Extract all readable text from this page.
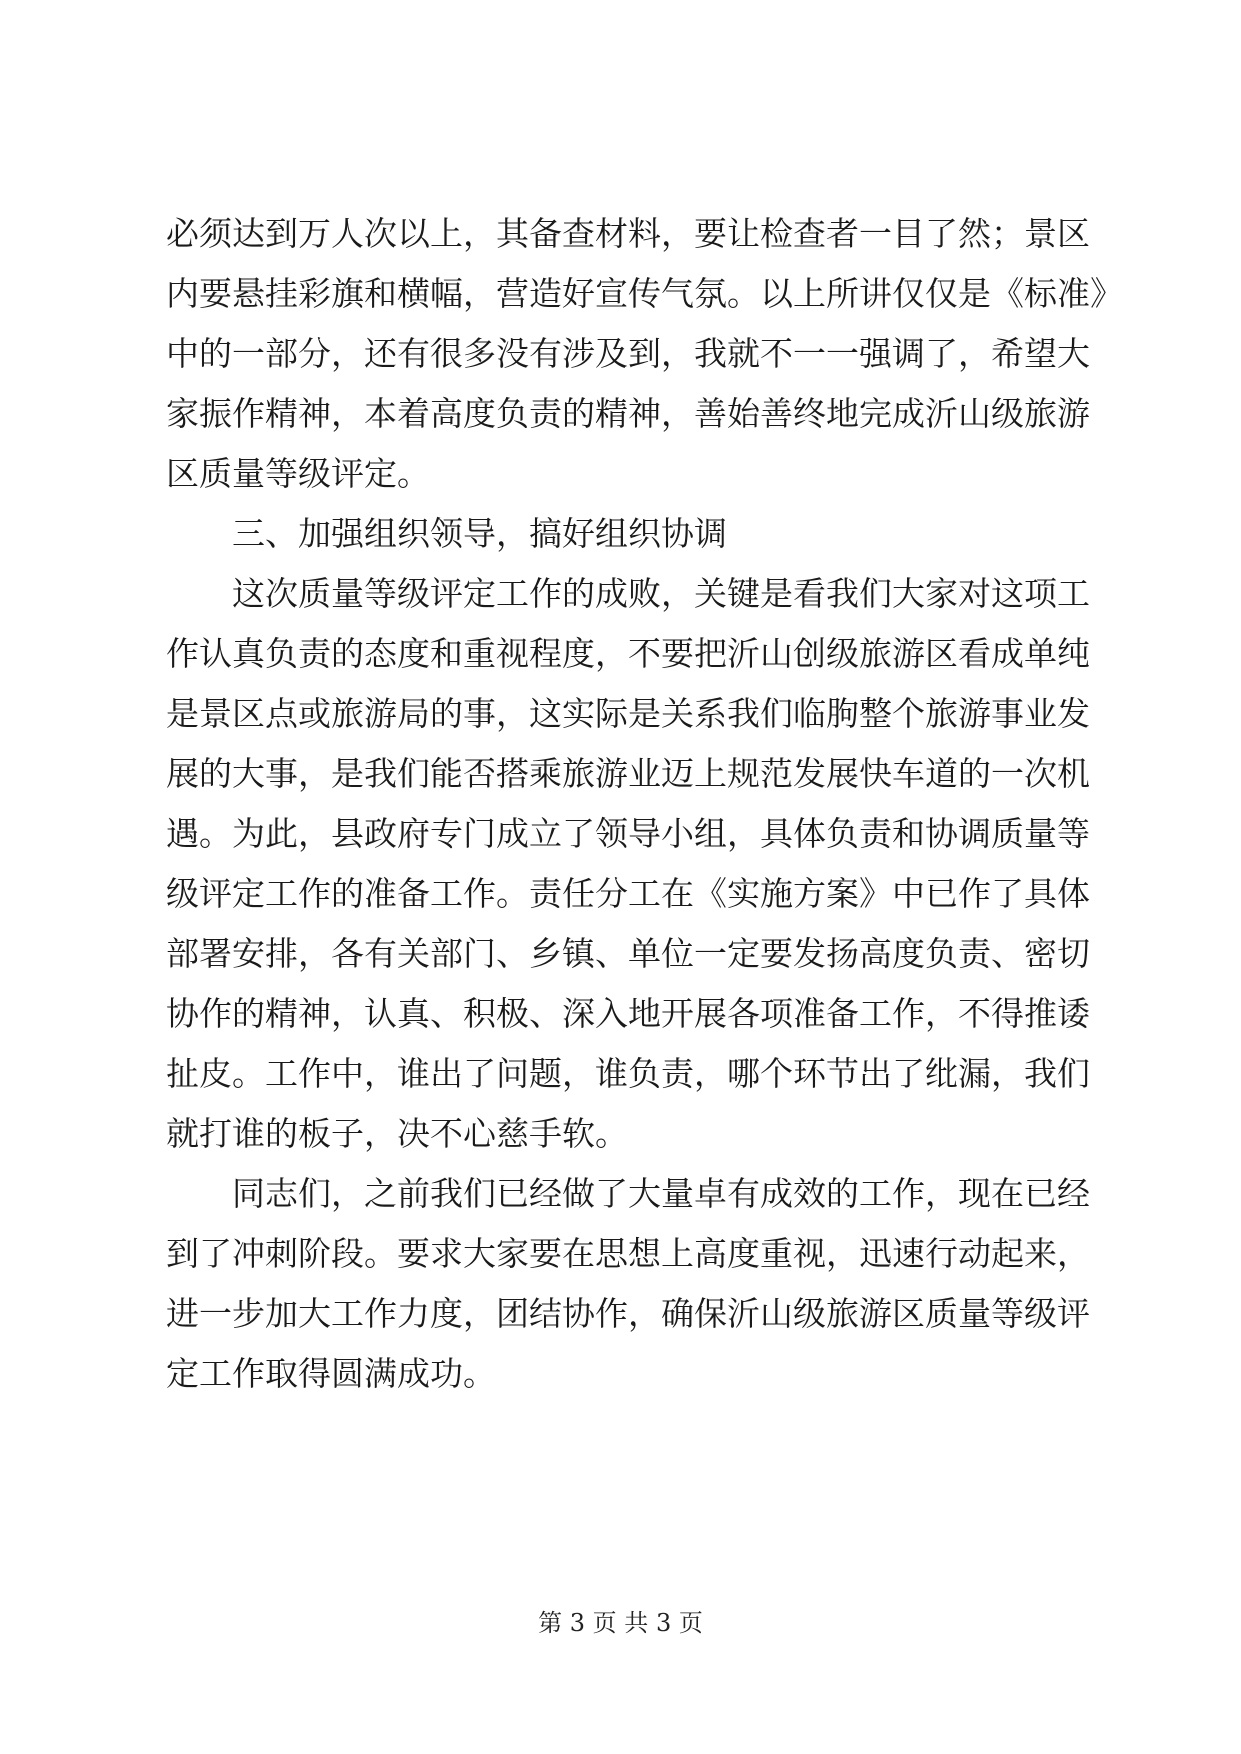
必须达到万人次以上，其备查材料，要让检查者一目了然；景区
内要悬挂彩旗和横幅，营造好宣传气氛。以上所讲仅仅是《标准》
中的一部分，还有很多没有涉及到，我就不一一强调了，希望大
家振作精神，本着高度负责的精神，善始善终地完成沂山级旅游
区质量等级评定。
三、加强组织领导，搞好组织协调
这次质量等级评定工作的成败，关键是看我们大家对这项工
作认真负责的态度和重视程度，不要把沂山创级旅游区看成单纯
是景区点或旅游局的事，这实际是关系我们临朐整个旅游事业发
展的大事，是我们能否搭乘旅游业迈上规范发展快车道的一次机
遇。为此，县政府专门成立了领导小组，具体负责和协调质量等
级评定工作的准备工作。责任分工在《实施方案》中已作了具体
部署安排，各有关部门、乡镇、单位一定要发扬高度负责、密切
协作的精神，认真、积极、深入地开展各项准备工作，不得推诿
扯皮。工作中，谁出了问题，谁负责，哪个环节出了纰漏，我们
就打谁的板子，决不心慈手软。
同志们，之前我们已经做了大量卓有成效的工作，现在已经
到了冲刺阶段。要求大家要在思想上高度重视，迅速行动起来，
进一步加大工作力度，团结协作，确保沂山级旅游区质量等级评
定工作取得圆满成功。
第 3 页 共 3 页
